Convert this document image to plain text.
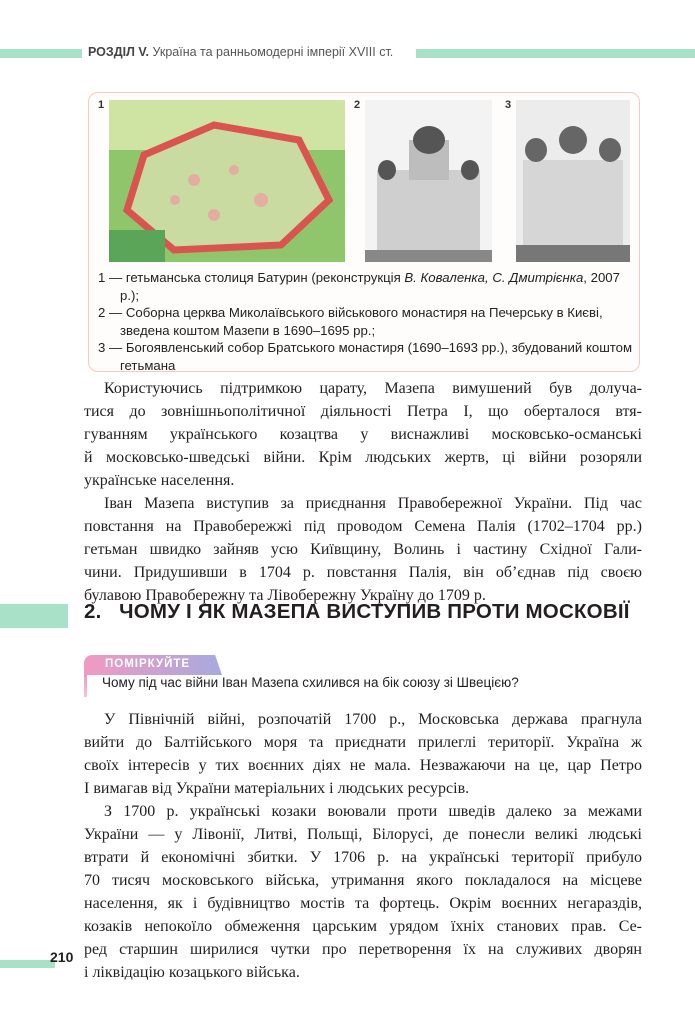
РОЗДІЛ V. Україна та ранньомодерні імперії XVIII ст.
1	2	3
1 — гетьманська столиця Батурин (реконструкція В. Коваленка, С. Дмитрієнка, 2007 р.);
2 — Соборна церква Миколаївського військового монастиря на Печерську в Києві, зведена коштом Мазепи в 1690–1695 рр.;
3 — Богоявленський собор Братського монастиря (1690–1693 рр.), збудований коштом гетьмана
Користуючись підтримкою царату, Мазепа вимушений був долуча-
тися до зовнішньополітичної діяльності Петра I, що оберталося втя-
гуванням українського козацтва у виснажливі московсько-османські
й московсько-шведські війни. Крім людських жертв, ці війни розоряли
українське населення.
Іван Мазепа виступив за приєднання Правобережної України. Під час
повстання на Правобережжі під проводом Семена Палія (1702–1704 рр.)
гетьман швидко зайняв усю Київщину, Волинь і частину Східної Гали-
чини. Придушивши в 1704 р. повстання Палія, він об’єднав під своєю
булавою Правобережну та Лівобережну Україну до 1709 р.
2.   ЧОМУ І ЯК МАЗЕПА ВИСТУПИВ ПРОТИ МОСКОВІЇ
ПОМІРКУЙТЕ
Чому під час війни Іван Мазепа схилився на бік союзу зі Швецією?
У Північній війні, розпочатій 1700 р., Московська держава прагнула
вийти до Балтійського моря та приєднати прилеглі території. Україна ж
своїх інтересів у тих воєнних діях не мала. Незважаючи на це, цар Петро
I вимагав від України матеріальних і людських ресурсів.
З 1700 р. українські козаки воювали проти шведів далеко за межами
України — у Лівонії, Литві, Польщі, Білорусі, де понесли великі людські
втрати й економічні збитки. У 1706 р. на українські території прибуло
70 тисяч московського війська, утримання якого покладалося на місцеве
населення, як і будівництво мостів та фортець. Окрім воєнних негараздів,
козаків непокоїло обмеження царським урядом їхніх станових прав. Се-
ред старшин ширилися чутки про перетворення їх на служивих дворян
і ліквідацію козацького війська.
210
